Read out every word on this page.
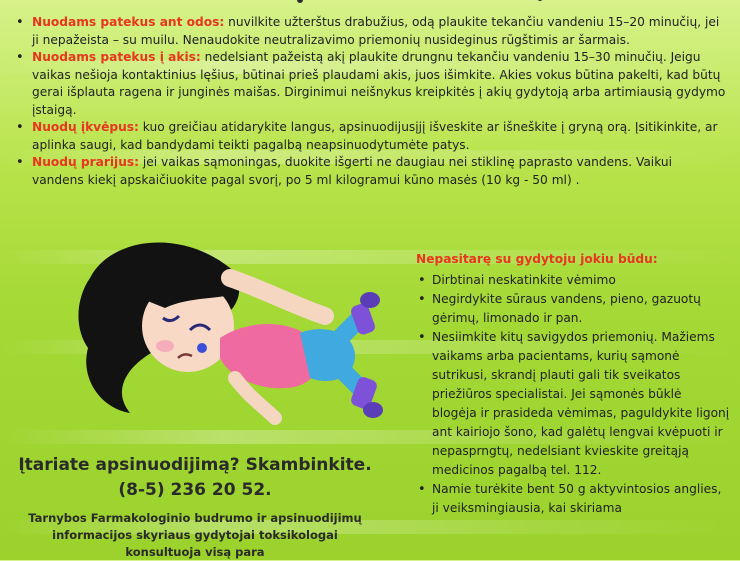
• Nuodams patekus ant odos: nuvilkite užterštus drabužius, odą plaukite tekančiu vandeniu 15–20 minučių, jei ji nepažeista – su muilu. Nenaudokite neutralizavimo priemonių nusideginus rūgštimis ar šarmais.
• Nuodams patekus į akis: nedelsiant pažeistą akį plaukite drungnu tekančiu vandeniu 15–30 minučių. Jeigu vaikas nešioja kontaktinius lęšius, būtinai prieš plaudami akis, juos išimkite. Akies vokus būtina pakelti, kad būtų gerai išplauta ragena ir junginės maišas. Dirginimui neišnykus kreipkitės į akių gydytoją arba artimiausią gydymo įstaigą.
• Nuodų įkvėpus: kuo greičiau atidarykite langus, apsinuodijusįjį išveskite ar išneškite į gryną orą. Įsitikinkite, ar aplinka saugi, kad bandydami teikti pagalbą neapsinuodytumėte patys.
• Nuodų prarijus: jei vaikas sąmoningas, duokite išgerti ne daugiau nei stiklinę paprasto vandens. Vaikui vandens kiekį apskaičiuokite pagal svorį, po 5 ml kilogramui kūno masės (10 kg - 50 ml) .
Įtariate apsinuodijimą? Skambinkite.
(8-5) 236 20 52.
Tarnybos Farmakologinio budrumo ir apsinuodijimų informacijos skyriaus gydytojai toksikologai konsultuoja visą para
Nepasitarę su gydytoju jokiu būdu:
• Dirbtinai neskatinkite vėmimo
• Negirdykite sūraus vandens, pieno, gazuotų gėrimų, limonado ir pan.
• Nesiimkite kitų savigydos priemonių. Mažiems vaikams arba pacientams, kurių sąmonė sutrikusi, skrandį plauti gali tik sveikatos priežiūros specialistai. Jei sąmonės būklė blogėja ir prasideda vėmimas, paguldykite ligonį ant kairiojo šono, kad galėtų lengvai kvėpuoti ir nepasprngtų, nedelsiant kvieskite greitąją medicinos pagalbą tel. 112.
• Namie turėkite bent 50 g aktyvintosios anglies, ji veiksmingiausia, kai skiriama
